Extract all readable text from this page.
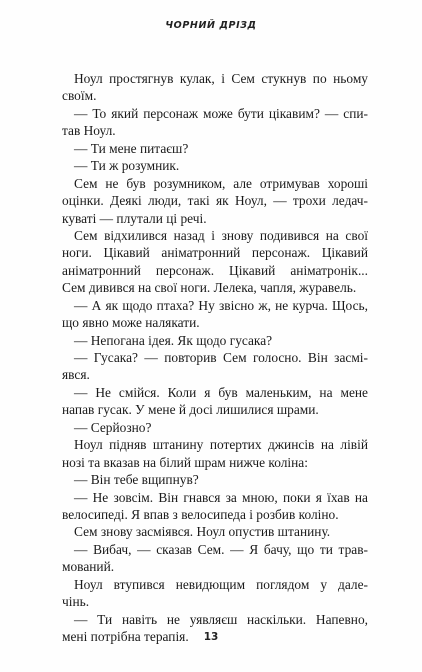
ЧОРНИЙ ДРІЗД
Ноул простягнув кулак, і Сем стукнув по ньому
своїм.
— То який персонаж може бути цікавим? — спи-
тав Ноул.
— Ти мене питаєш?
— Ти ж розумник.
Сем не був розумником, але отримував хороші
оцінки. Деякі люди, такі як Ноул, — трохи ледач-
куваті — плутали ці речі.
Сем відхилився назад і знову подивився на свої
ноги. Цікавий аніматронний персонаж. Цікавий
аніматронний персонаж. Цікавий аніматронік...
Сем дивився на свої ноги. Лелека, чапля, журавель.
— А як щодо птаха? Ну звісно ж, не курча. Щось,
що явно може налякати.
— Непогана ідея. Як щодо гусака?
— Гусака? — повторив Сем голосно. Він засмі-
явся.
— Не смійся. Коли я був маленьким, на мене
напав гусак. У мене й досі лишилися шрами.
— Серйозно?
Ноул підняв штанину потертих джинсів на лівій
нозі та вказав на білий шрам нижче коліна:
— Він тебе вщипнув?
— Не зовсім. Він гнався за мною, поки я їхав на
велосипеді. Я впав з велосипеда і розбив коліно.
Сем знову засміявся. Ноул опустив штанину.
— Вибач, — сказав Сем. — Я бачу, що ти трав-
мований.
Ноул втупився невидющим поглядом у далe-
чінь.
— Ти навіть не уявляєш наскільки. Напевно,
мені потрібна терапія.	13
